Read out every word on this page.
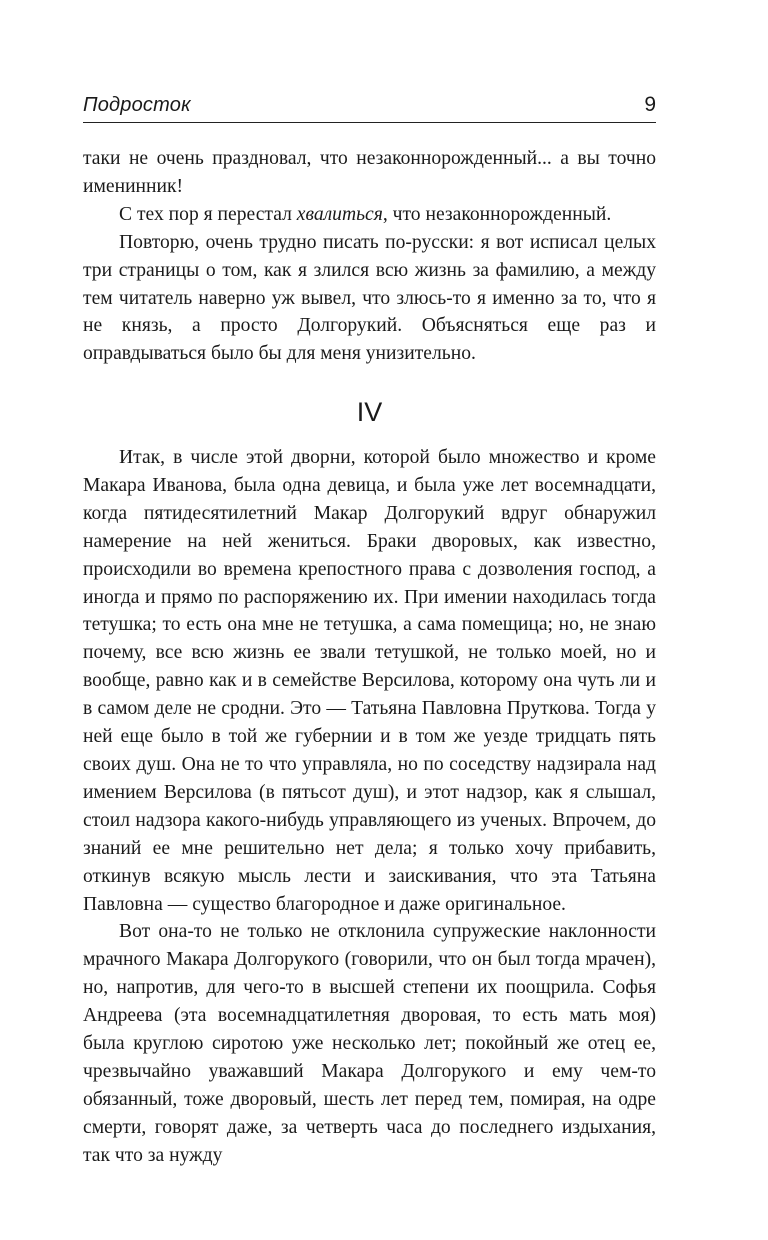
Подросток	9

таки не очень праздновал, что незаконнорожденный... а вы точно именинник!

С тех пор я перестал хвалиться, что незаконнорожденный.

Повторю, очень трудно писать по-русски: я вот исписал целых три страницы о том, как я злился всю жизнь за фамилию, а между тем читатель наверно уж вывел, что злюсь-то я именно за то, что я не князь, а просто Долгорукий. Объясняться еще раз и оправдываться было бы для меня унизительно.

IV

Итак, в числе этой дворни, которой было множество и кроме Макара Иванова, была одна девица, и была уже лет восемнадцати, когда пятидесятилетний Макар Долгорукий вдруг обнаружил намерение на ней жениться. Браки дворовых, как известно, происходили во времена крепостного права с дозволения господ, а иногда и прямо по распоряжению их. При имении находилась тогда тетушка; то есть она мне не тетушка, а сама помещица; но, не знаю почему, все всю жизнь ее звали тетушкой, не только моей, но и вообще, равно как и в семействе Версилова, которому она чуть ли и в самом деле не сродни. Это — Татьяна Павловна Пруткова. Тогда у ней еще было в той же губернии и в том же уезде тридцать пять своих душ. Она не то что управляла, но по соседству надзирала над имением Версилова (в пятьсот душ), и этот надзор, как я слышал, стоил надзора какого-нибудь управляющего из ученых. Впрочем, до знаний ее мне решительно нет дела; я только хочу прибавить, откинув всякую мысль лести и заискивания, что эта Татьяна Павловна — существо благородное и даже оригинальное.

Вот она-то не только не отклонила супружеские наклонности мрачного Макара Долгорукого (говорили, что он был тогда мрачен), но, напротив, для чего-то в высшей степени их поощрила. Софья Андреева (эта восемнадцатилетняя дворовая, то есть мать моя) была круглою сиротою уже несколько лет; покойный же отец ее, чрезвычайно уважавший Макара Долгорукого и ему чем-то обязанный, тоже дворовый, шесть лет перед тем, помирая, на одре смерти, говорят даже, за четверть часа до последнего издыхания, так что за нужду
